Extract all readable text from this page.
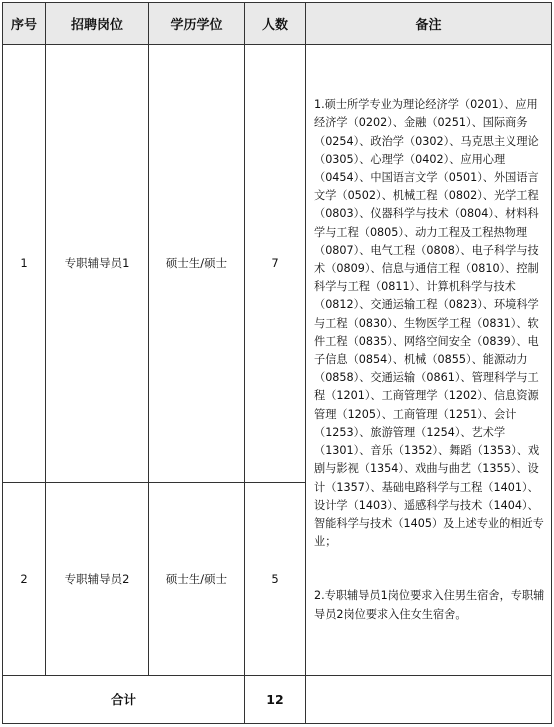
序号	招聘岗位	学历学位	人数	备注
1	专职辅导员1	硕士生/硕士	7	1.硕士所学专业为理论经济学（0201）、应用经济学（0202）、金融（0251）、国际商务（0254）、政治学（0302）、马克思主义理论（0305）、心理学（0402）、应用心理（0454）、中国语言文学（0501）、外国语言文学（0502）、机械工程（0802）、光学工程（0803）、仪器科学与技术（0804）、材料科学与工程（0805）、动力工程及工程热物理（0807）、电气工程（0808）、电子科学与技术（0809）、信息与通信工程（0810）、控制科学与工程（0811）、计算机科学与技术（0812）、交通运输工程（0823）、环境科学与工程（0830）、生物医学工程（0831）、软件工程（0835）、网络空间安全（0839）、电子信息（0854）、机械（0855）、能源动力（0858）、交通运输（0861）、管理科学与工程（1201）、工商管理学（1202）、信息资源管理（1205）、工商管理（1251）、会计（1253）、旅游管理（1254）、艺术学（1301）、音乐（1352）、舞蹈（1353）、戏剧与影视（1354）、戏曲与曲艺（1355）、设计（1357）、基础电路科学与工程（1401）、设计学（1403）、遥感科学与技术（1404）、智能科学与技术（1405）及上述专业的相近专业；

2.专职辅导员1岗位要求入住男生宿舍，专职辅导员2岗位要求入住女生宿舍。

2	专职辅导员2	硕士生/硕士	5	
合计			12	
